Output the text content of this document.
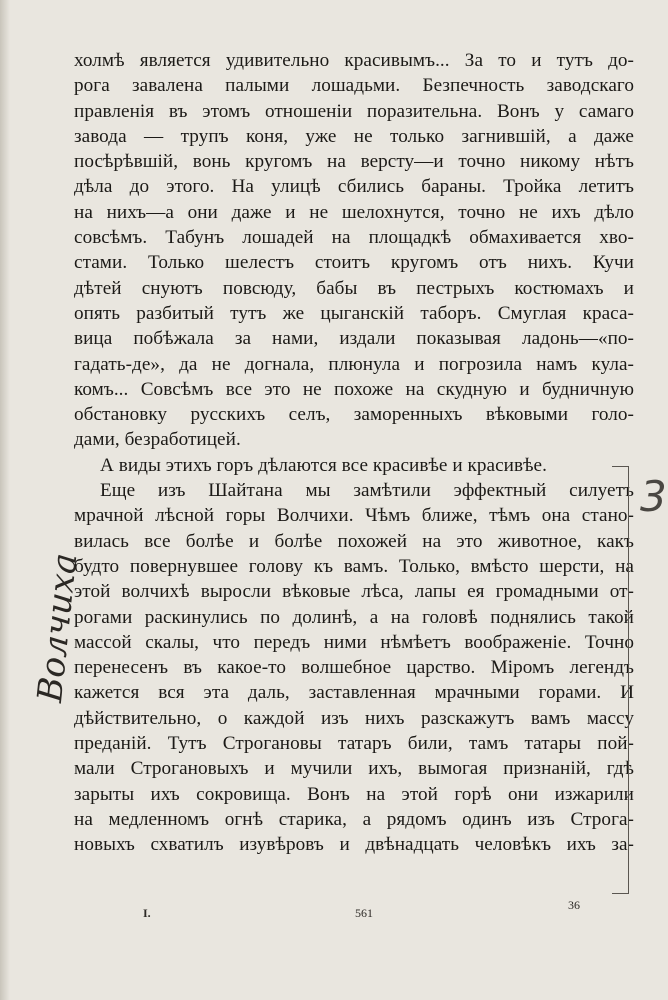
холмѣ является удивительно красивымъ... За то и тутъ до-
рога завалена палыми лошадьми. Безпечность заводскаго
правленія въ этомъ отношеніи поразительна. Вонъ у самаго
завода — трупъ коня, уже не только загнившій, а даже
посѣрѣвшій, вонь кругомъ на версту—и точно никому нѣтъ
дѣла до этого. На улицѣ сбились бараны. Тройка летитъ
на нихъ—а они даже и не шелохнутся, точно не ихъ дѣло
совсѣмъ. Табунъ лошадей на площадкѣ обмахивается хво-
стами. Только шелестъ стоитъ кругомъ отъ нихъ. Кучи
дѣтей снуютъ повсюду, бабы въ пестрыхъ костюмахъ и
опять разбитый тутъ же цыганскій таборъ. Смуглая краса-
вица побѣжала за нами, издали показывая ладонь—«по-
гадать-де», да не догнала, плюнула и погрозила намъ кула-
комъ... Совсѣмъ все это не похоже на скудную и будничную
обстановку русскихъ селъ, заморенныхъ вѣковыми голо-
дами, безработицей.
А виды этихъ горъ дѣлаются все красивѣе и красивѣе.
Еще изъ Шайтана мы замѣтили эффектный силуетъ
мрачной лѣсной горы Волчихи. Чѣмъ ближе, тѣмъ она стано-
вилась все болѣе и болѣе похожей на это животное, какъ
будто повернувшее голову къ вамъ. Только, вмѣсто шерсти, на
этой волчихѣ выросли вѣковые лѣса, лапы ея громадными от-
рогами раскинулись по долинѣ, а на головѣ поднялись такой
массой скалы, что передъ ними нѣмѣетъ воображеніе. Точно
перенесенъ въ какое-то волшебное царство. Міромъ легендъ
кажется вся эта даль, заставленная мрачными горами. И
дѣйствительно, о каждой изъ нихъ разскажутъ вамъ массу
преданій. Тутъ Строгановы татаръ били, тамъ татары пой-
мали Строгановыхъ и мучили ихъ, вымогая признаній, гдѣ
зарыты ихъ сокровища. Вонъ на этой горѣ они изжарили
на медленномъ огнѣ старика, а рядомъ одинъ изъ Строга-
новыхъ схватилъ изувѣровъ и двѣнадцать человѣкъ ихъ за-
3
Волчиха
I.	561
36
